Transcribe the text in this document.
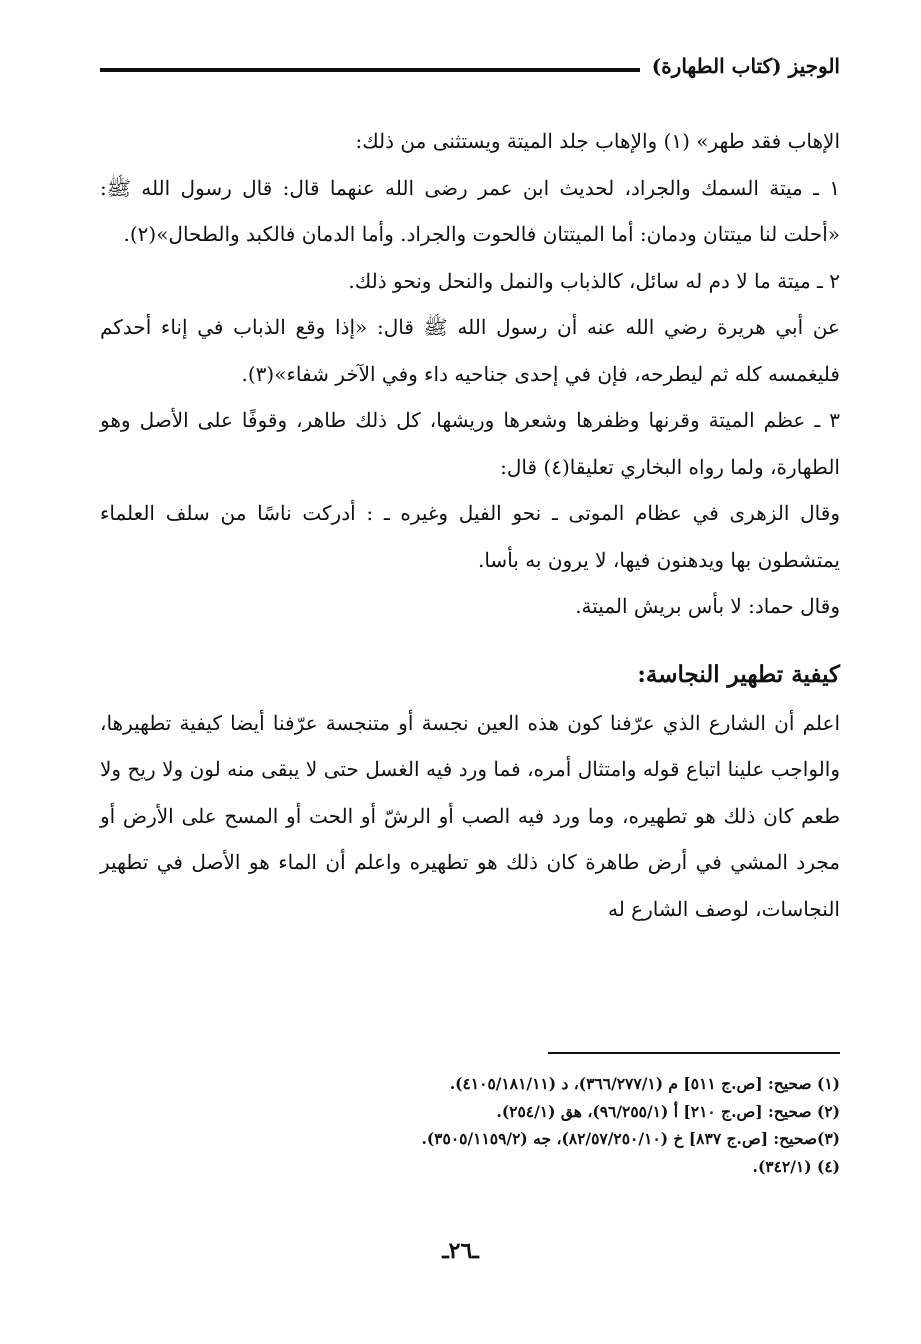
الوجيز (كتاب الطهارة)

الإهاب فقد طهر» (١) والإهاب جلد الميتة ويستثنى من ذلك:

١ ـ ميتة السمك والجراد، لحديث ابن عمر رضى الله عنهما قال: قال رسول الله ﷺ: «أحلت لنا ميتتان ودمان: أما الميتتان فالحوت والجراد. وأما الدمان فالكبد والطحال»(٢).

٢ ـ ميتة ما لا دم له سائل، كالذباب والنمل والنحل ونحو ذلك.

عن أبي هريرة رضي الله عنه أن رسول الله ﷺ قال: «إذا وقع الذباب في إناء أحدكم فليغمسه كله ثم ليطرحه، فإن في إحدى جناحيه داء وفي الآخر شفاء»(٣).

٣ ـ عظم الميتة وقرنها وظفرها وشعرها وريشها، كل ذلك طاهر، وقوفًا على الأصل وهو الطهارة، ولما رواه البخاري تعليقا(٤) قال:

وقال الزهرى في عظام الموتى ـ نحو الفيل وغيره ـ : أدركت ناسًا من سلف العلماء يمتشطون بها ويدهنون فيها، لا يرون به بأسا.

وقال حماد: لا بأس بريش الميتة.

كيفية تطهير النجاسة:

اعلم أن الشارع الذي عرّفنا كون هذه العين نجسة أو متنجسة عرّفنا أيضا كيفية تطهيرها، والواجب علينا اتباع قوله وامتثال أمره، فما ورد فيه الغسل حتى لا يبقى منه لون ولا ريح ولا طعم كان ذلك هو تطهيره، وما ورد فيه الصب أو الرشّ أو الحت أو المسح على الأرض أو مجرد المشي في أرض طاهرة كان ذلك هو تطهيره واعلم أن الماء هو الأصل في تطهير النجاسات، لوصف الشارع له

(١) صحيح: [ص.ج ٥١١] م (٣٦٦/٢٧٧/١)، د (٤١٠٥/١٨١/١١).

(٢) صحيح: [ص.ج ٢١٠] أ (٩٦/٢٥٥/١)، هق (٢٥٤/١).

(٣)صحيح: [ص.ج ٨٣٧] خ (٨٢/٥٧/٢٥٠/١٠)، جه (٣٥٠٥/١١٥٩/٢).

(٤) (٣٤٢/١).

ـ٢٦ـ
